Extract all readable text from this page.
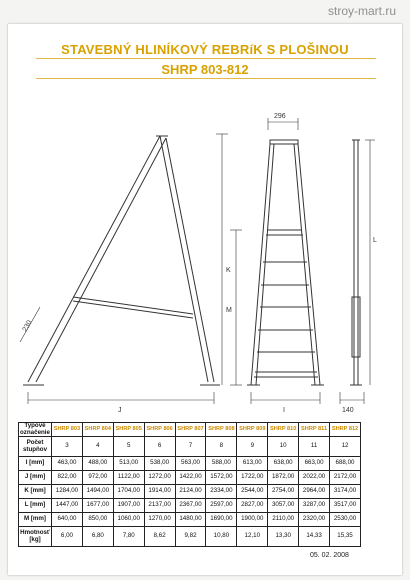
stroy-mart.ru
STAVEBNÝ HLINÍKOVÝ REBRíK S PLOŠINOU
SHRP 803-812
230
J
K
296
M
I
L
140
Typové označenie	SHRP 803	SHRP 804	SHRP 805	SHRP 806	SHRP 807	SHRP 808	SHRP 809	SHRP 810	SHRP 811	SHRP 812
Počet stupňov	3	4	5	6	7	8	9	10	11	12
I [mm]	463,00	488,00	513,00	538,00	563,00	588,00	613,00	638,00	663,00	688,00
J [mm]	822,00	972,00	1122,00	1272,00	1422,00	1572,00	1722,00	1872,00	2022,00	2172,00
K [mm]	1284,00	1494,00	1704,00	1914,00	2124,00	2334,00	2544,00	2754,00	2964,00	3174,00
L [mm]	1447,00	1677,00	1907,00	2137,00	2367,00	2597,00	2827,00	3057,00	3287,00	3517,00
M [mm]	640,00	850,00	1060,00	1270,00	1480,00	1690,00	1900,00	2110,00	2320,00	2530,00
Hmotnosť [kg]	6,00	6,80	7,80	8,62	9,82	10,80	12,10	13,30	14,33	15,35
05. 02. 2008
